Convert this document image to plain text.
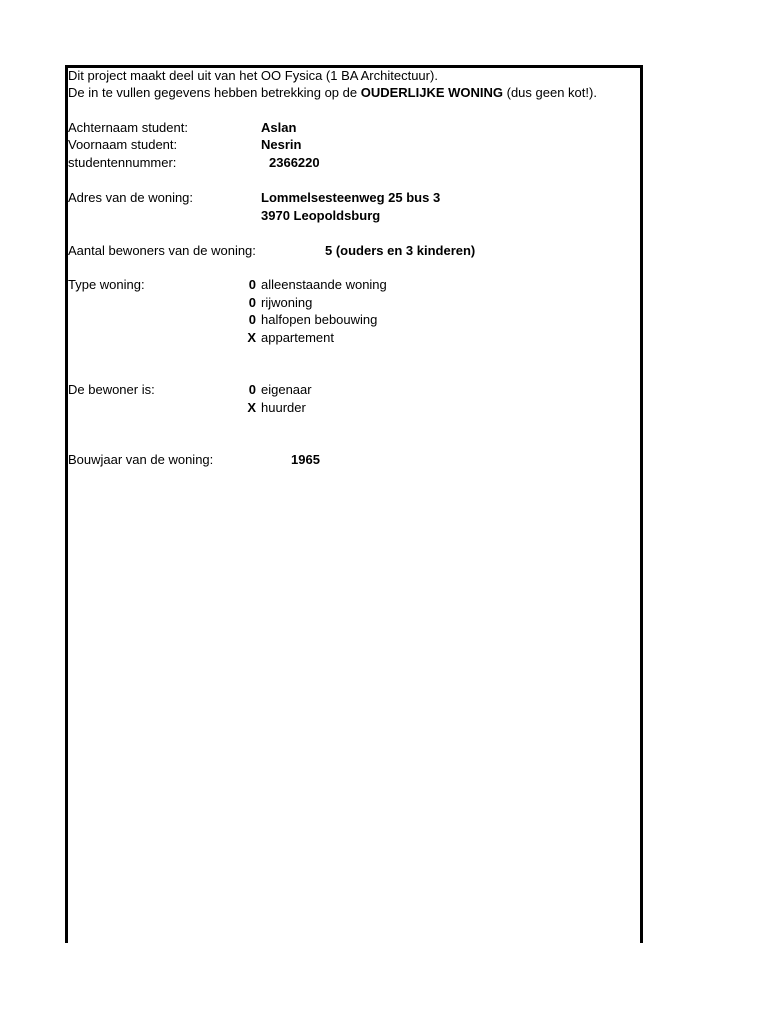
Dit project maakt deel uit van het OO Fysica (1 BA Architectuur).
De in te vullen gegevens hebben betrekking op de OUDERLIJKE WONING (dus geen kot!).
Achternaam student:	Aslan
Voornaam student:	Nesrin
studentennummer:	2366220
Adres van de woning:	Lommelsesteenweg 25 bus 3
3970 Leopoldsburg
Aantal bewoners van de woning:	5 (ouders en 3 kinderen)
Type woning:	0 alleenstaande woning
0 rijwoning
0 halfopen bebouwing
X appartement
De bewoner is:	0 eigenaar
X huurder
Bouwjaar van de woning:	1965
